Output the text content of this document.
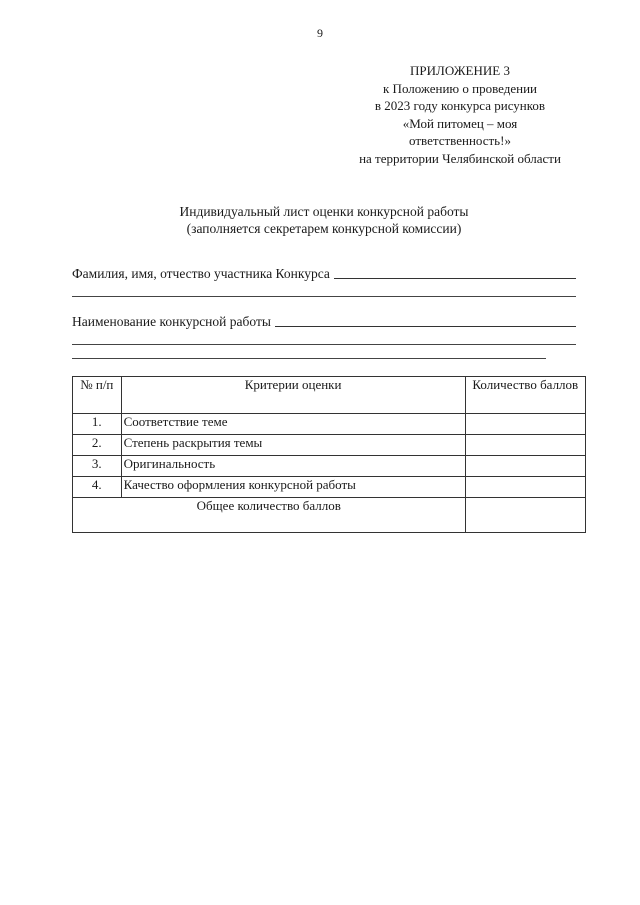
9
ПРИЛОЖЕНИЕ 3
к Положению о проведении
в 2023 году конкурса рисунков
«Мой питомец – моя
ответственность!»
на территории Челябинской области
Индивидуальный лист оценки конкурсной работы
(заполняется секретарем конкурсной комиссии)
Фамилия, имя, отчество участника Конкурса
Наименование конкурсной работы
№ п/п	Критерии оценки	Количество баллов
1.	Соответствие теме	
2.	Степень раскрытия темы	
3.	Оригинальность	
4.	Качество оформления конкурсной работы	
Общее количество баллов		
